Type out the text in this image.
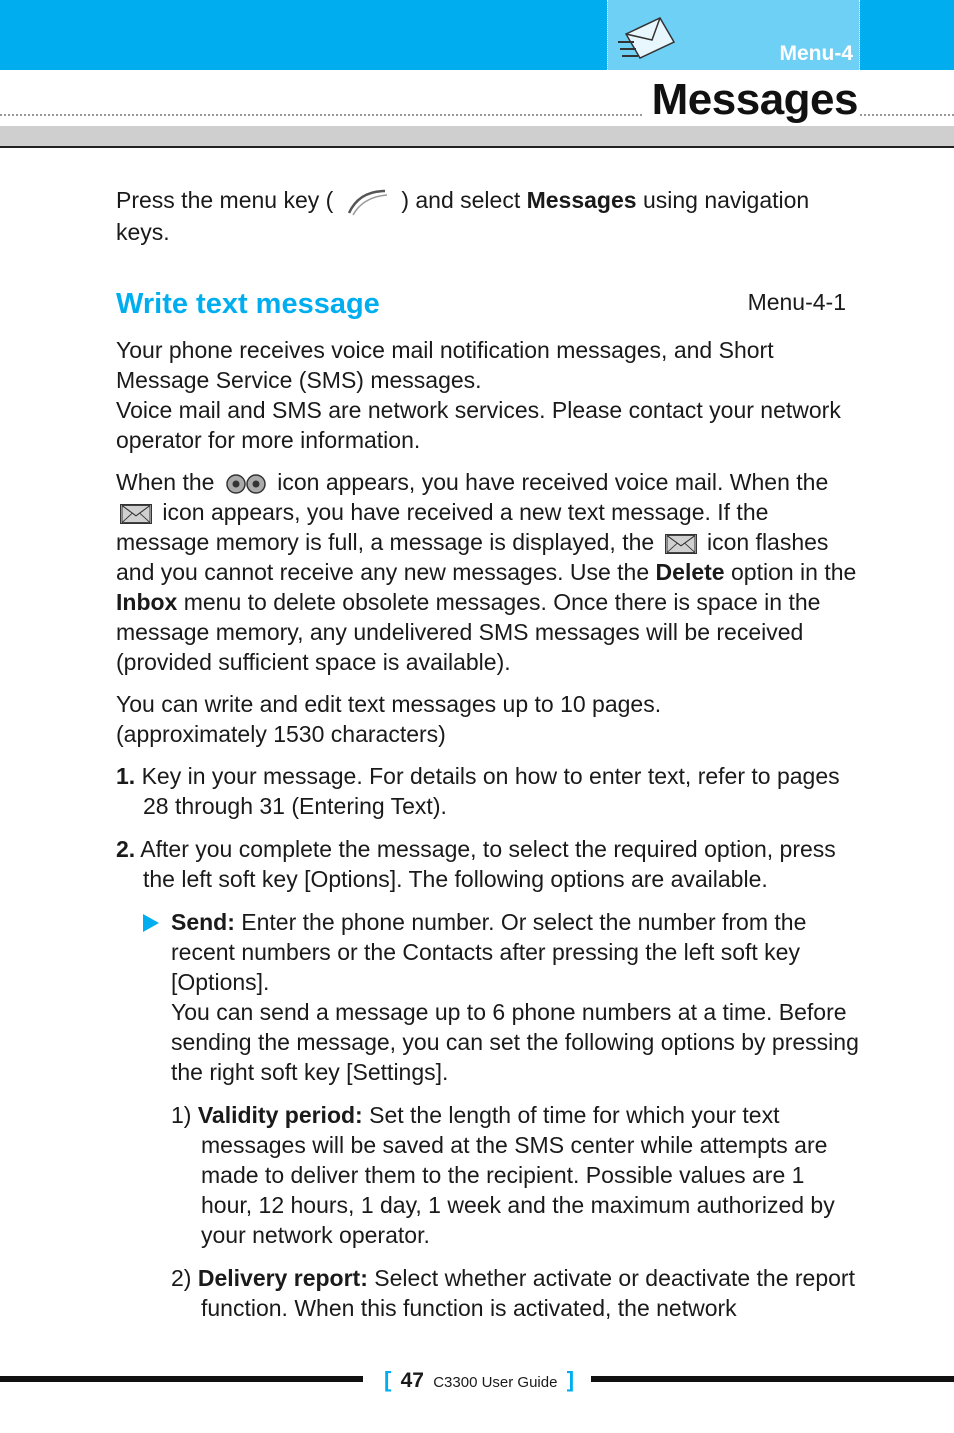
Menu-4
Messages

Press the menu key (	) and select Messages using navigation keys.

Write text message	Menu-4-1

Your phone receives voice mail notification messages, and Short Message Service (SMS) messages.
Voice mail and SMS are network services. Please contact your network operator for more information.

When the  icon appears, you have received voice mail. When the  icon appears, you have received a new text message. If the message memory is full, a message is displayed, the  icon flashes and you cannot receive any new messages. Use the Delete option in the Inbox menu to delete obsolete messages. Once there is space in the message memory, any undelivered SMS messages will be received (provided sufficient space is available).

You can write and edit text messages up to 10 pages.
(approximately 1530 characters)

1. Key in your message. For details on how to enter text, refer to pages 28 through 31 (Entering Text).

2. After you complete the message, to select the required option, press the left soft key [Options]. The following options are available.

Send: Enter the phone number. Or select the number from the recent numbers or the Contacts after pressing the left soft key [Options].
You can send a message up to 6 phone numbers at a time. Before sending the message, you can set the following options by pressing the right soft key [Settings].

1) Validity period: Set the length of time for which your text messages will be saved at the SMS center while attempts are made to deliver them to the recipient. Possible values are 1 hour, 12 hours, 1 day, 1 week and the maximum authorized by your network operator.

2) Delivery report: Select whether activate or deactivate the report function. When this function is activated, the network

[ 47 C3300 User Guide ]
